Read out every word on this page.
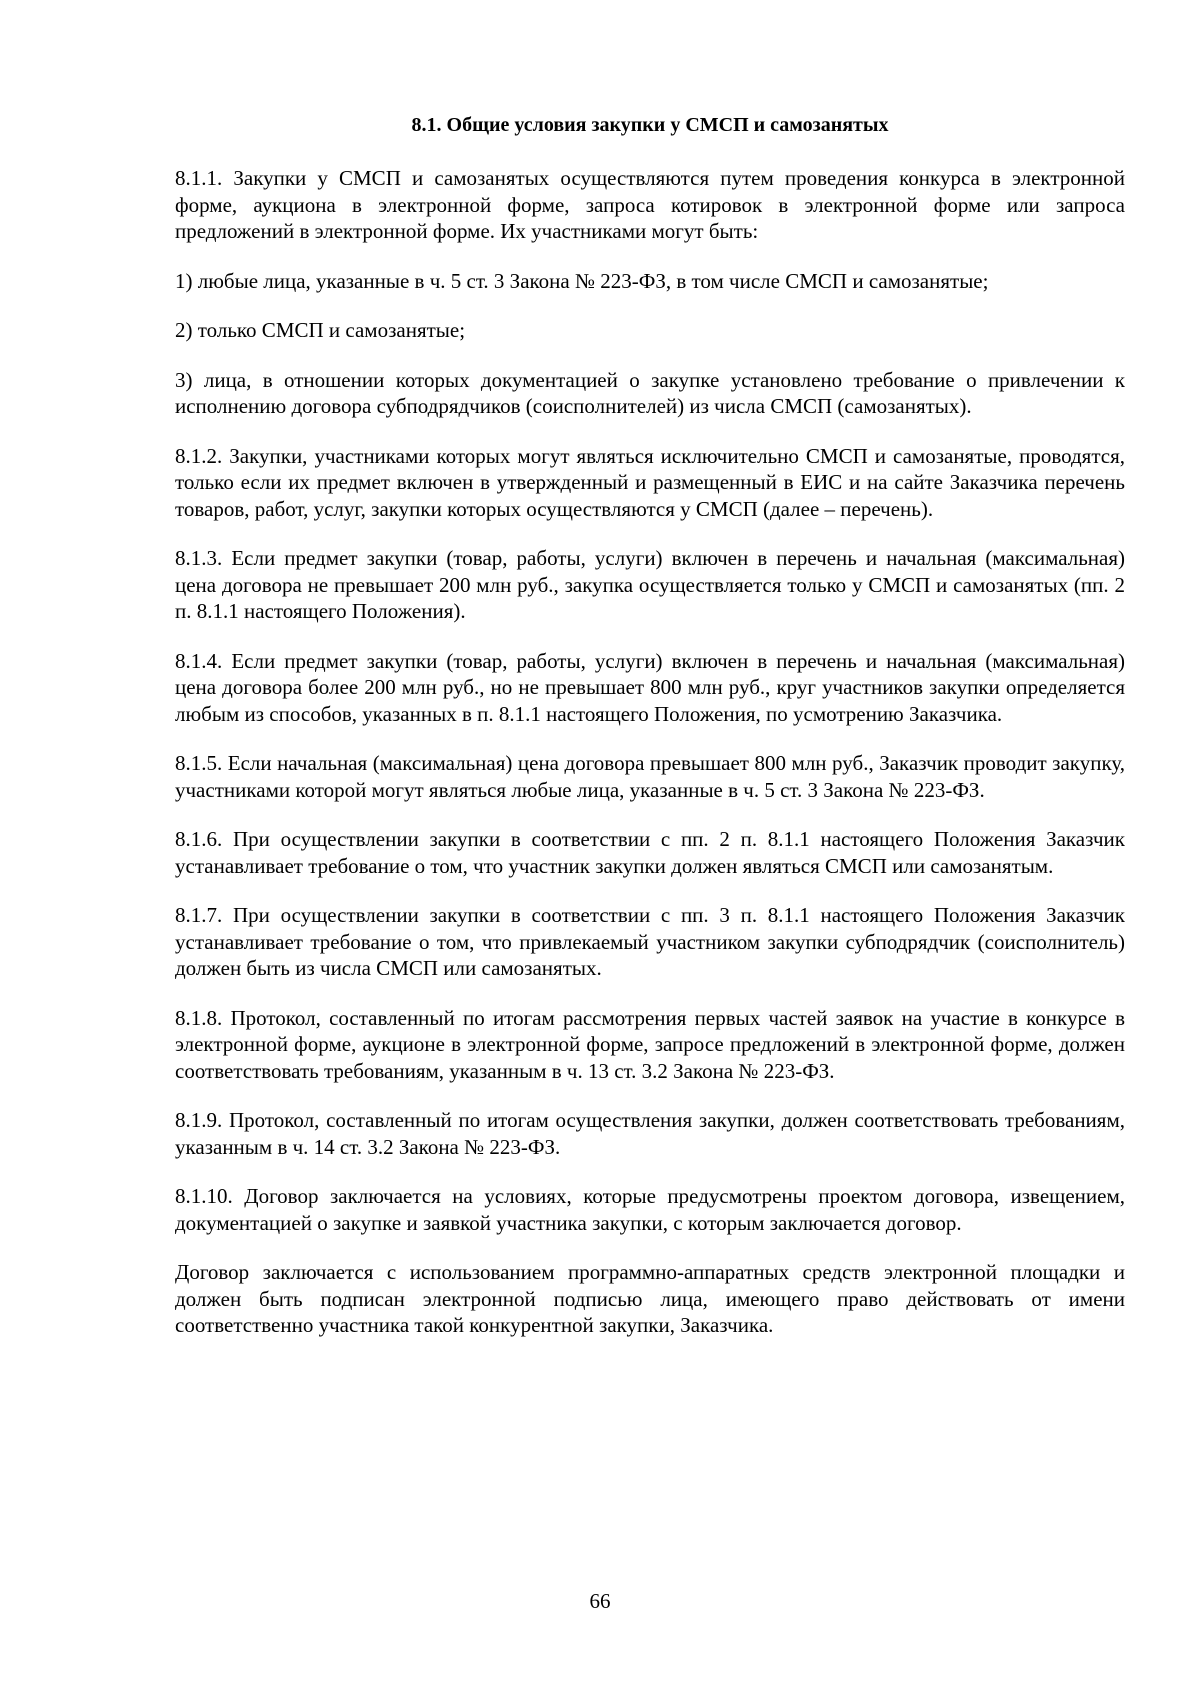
8.1. Общие условия закупки у СМСП и самозанятых

8.1.1. Закупки у СМСП и самозанятых осуществляются путем проведения конкурса в электронной форме, аукциона в электронной форме, запроса котировок в электронной форме или запроса предложений в электронной форме. Их участниками могут быть:

1) любые лица, указанные в ч. 5 ст. 3 Закона № 223-ФЗ, в том числе СМСП и самозанятые;

2) только СМСП и самозанятые;

3) лица, в отношении которых документацией о закупке установлено требование о привлечении к исполнению договора субподрядчиков (соисполнителей) из числа СМСП (самозанятых).

8.1.2. Закупки, участниками которых могут являться исключительно СМСП и самозанятые, проводятся, только если их предмет включен в утвержденный и размещенный в ЕИС и на сайте Заказчика перечень товаров, работ, услуг, закупки которых осуществляются у СМСП (далее – перечень).

8.1.3. Если предмет закупки (товар, работы, услуги) включен в перечень и начальная (максимальная) цена договора не превышает 200 млн руб., закупка осуществляется только у СМСП и самозанятых (пп. 2 п. 8.1.1 настоящего Положения).

8.1.4. Если предмет закупки (товар, работы, услуги) включен в перечень и начальная (максимальная) цена договора более 200 млн руб., но не превышает 800 млн руб., круг участников закупки определяется любым из способов, указанных в п. 8.1.1 настоящего Положения, по усмотрению Заказчика.

8.1.5. Если начальная (максимальная) цена договора превышает 800 млн руб., Заказчик проводит закупку, участниками которой могут являться любые лица, указанные в ч. 5 ст. 3 Закона № 223-ФЗ.

8.1.6. При осуществлении закупки в соответствии с пп. 2 п. 8.1.1 настоящего Положения Заказчик устанавливает требование о том, что участник закупки должен являться СМСП или самозанятым.

8.1.7. При осуществлении закупки в соответствии с пп. 3 п. 8.1.1 настоящего Положения Заказчик устанавливает требование о том, что привлекаемый участником закупки субподрядчик (соисполнитель) должен быть из числа СМСП или самозанятых.

8.1.8. Протокол, составленный по итогам рассмотрения первых частей заявок на участие в конкурсе в электронной форме, аукционе в электронной форме, запросе предложений в электронной форме, должен соответствовать требованиям, указанным в ч. 13 ст. 3.2 Закона № 223-ФЗ.

8.1.9. Протокол, составленный по итогам осуществления закупки, должен соответствовать требованиям, указанным в ч. 14 ст. 3.2 Закона № 223-ФЗ.

8.1.10. Договор заключается на условиях, которые предусмотрены проектом договора, извещением, документацией о закупке и заявкой участника закупки, с которым заключается договор.

Договор заключается с использованием программно-аппаратных средств электронной площадки и должен быть подписан электронной подписью лица, имеющего право действовать от имени соответственно участника такой конкурентной закупки, Заказчика.

66
